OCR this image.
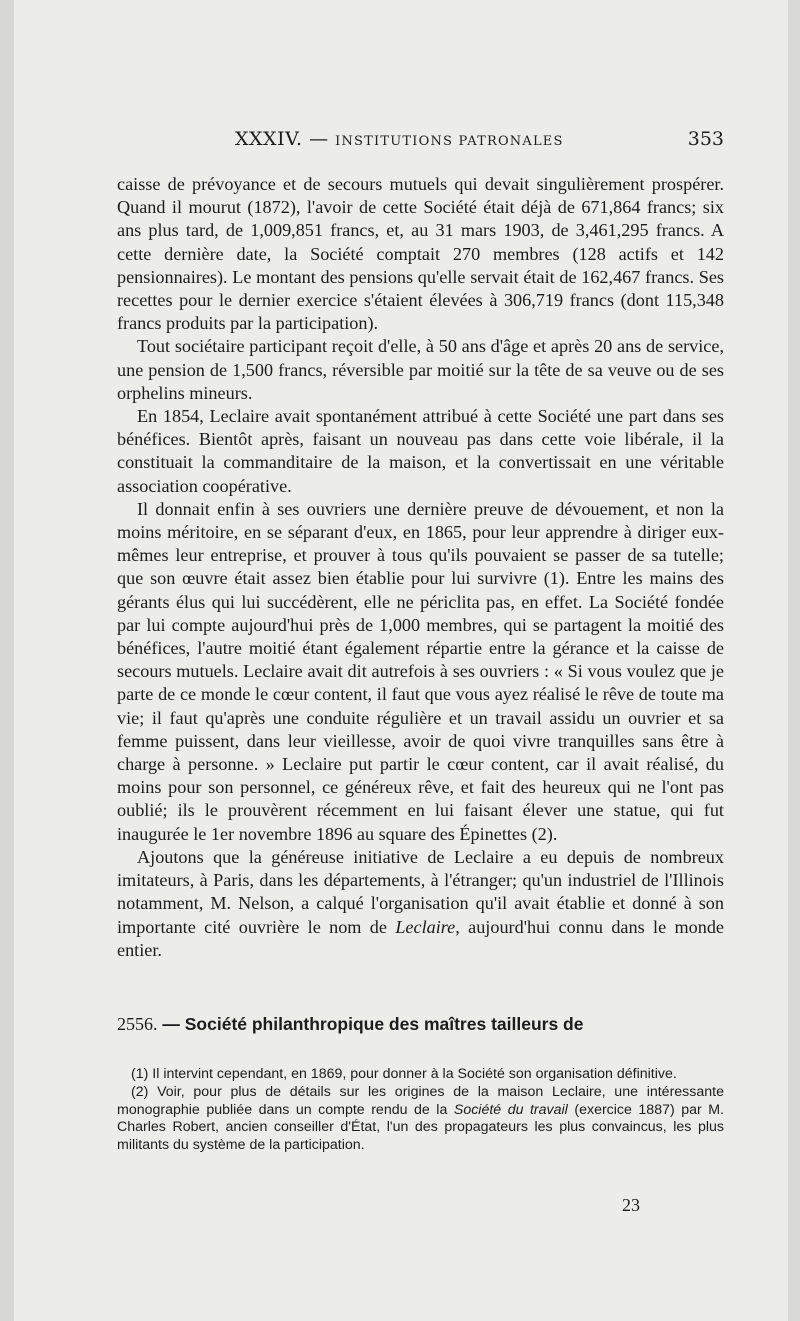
XXXIV. — INSTITUTIONS PATRONALES	353

caisse de prévoyance et de secours mutuels qui devait singulièrement prospérer. Quand il mourut (1872), l'avoir de cette Société était déjà de 671,864 francs; six ans plus tard, de 1,009,851 francs, et, au 31 mars 1903, de 3,461,295 francs. A cette dernière date, la Société comptait 270 membres (128 actifs et 142 pensionnaires). Le montant des pensions qu'elle servait était de 162,467 francs. Ses recettes pour le dernier exercice s'étaient élevées à 306,719 francs (dont 115,348 francs produits par la participation).

Tout sociétaire participant reçoit d'elle, à 50 ans d'âge et après 20 ans de service, une pension de 1,500 francs, réversible par moitié sur la tête de sa veuve ou de ses orphelins mineurs.

En 1854, Leclaire avait spontanément attribué à cette Société une part dans ses bénéfices. Bientôt après, faisant un nouveau pas dans cette voie libérale, il la constituait la commanditaire de la maison, et la convertissait en une véritable association coopérative.

Il donnait enfin à ses ouvriers une dernière preuve de dévouement, et non la moins méritoire, en se séparant d'eux, en 1865, pour leur apprendre à diriger eux-mêmes leur entreprise, et prouver à tous qu'ils pouvaient se passer de sa tutelle; que son œuvre était assez bien établie pour lui survivre (1). Entre les mains des gérants élus qui lui succédèrent, elle ne périclita pas, en effet. La Société fondée par lui compte aujourd'hui près de 1,000 membres, qui se partagent la moitié des bénéfices, l'autre moitié étant également répartie entre la gérance et la caisse de secours mutuels. Leclaire avait dit autrefois à ses ouvriers : « Si vous voulez que je parte de ce monde le cœur content, il faut que vous ayez réalisé le rêve de toute ma vie; il faut qu'après une conduite régulière et un travail assidu un ouvrier et sa femme puissent, dans leur vieillesse, avoir de quoi vivre tranquilles sans être à charge à personne. » Leclaire put partir le cœur content, car il avait réalisé, du moins pour son personnel, ce généreux rêve, et fait des heureux qui ne l'ont pas oublié; ils le prouvèrent récemment en lui faisant élever une statue, qui fut inaugurée le 1er novembre 1896 au square des Épinettes (2).

Ajoutons que la généreuse initiative de Leclaire a eu depuis de nombreux imitateurs, à Paris, dans les départements, à l'étranger; qu'un industriel de l'Illinois notamment, M. Nelson, a calqué l'organisation qu'il avait établie et donné à son importante cité ouvrière le nom de Leclaire, aujourd'hui connu dans le monde entier.

2556. — Société philanthropique des maîtres tailleurs de

(1) Il intervint cependant, en 1869, pour donner à la Société son organisation définitive.

(2) Voir, pour plus de détails sur les origines de la maison Leclaire, une intéressante monographie publiée dans un compte rendu de la Société du travail (exercice 1887) par M. Charles Robert, ancien conseiller d'État, l'un des propagateurs les plus convaincus, les plus militants du système de la participation.

23
